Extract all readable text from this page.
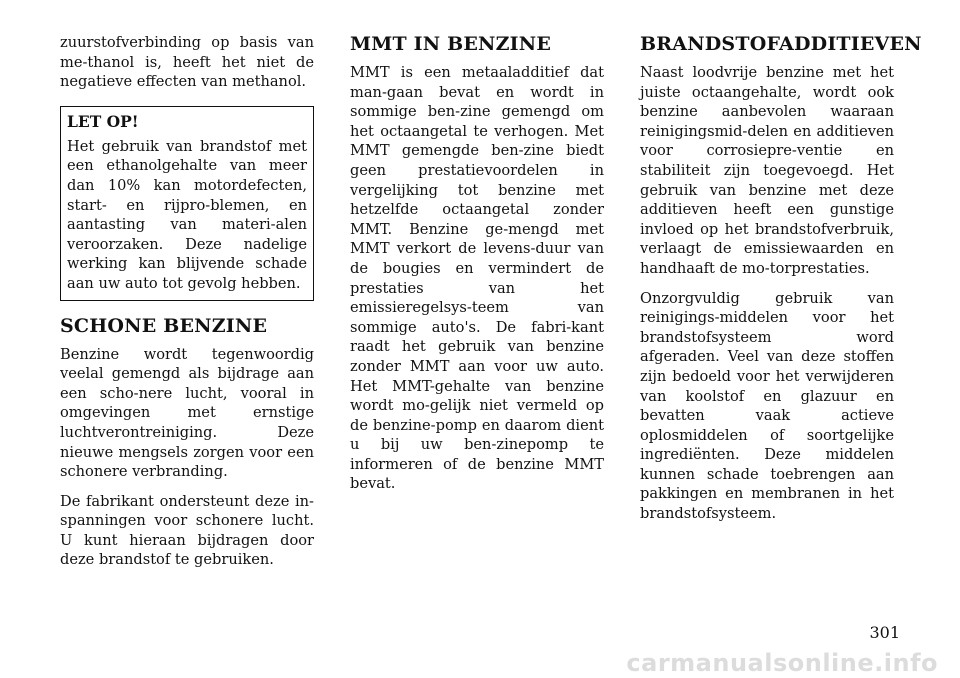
zuurstofverbinding op basis van me-thanol is, heeft het niet de negatieve effecten van methanol.

LET OP!

Het gebruik van brandstof met een ethanolgehalte van meer dan 10% kan motordefecten, start- en rijpro-blemen, en aantasting van materi-alen veroorzaken. Deze nadelige werking kan blijvende schade aan uw auto tot gevolg hebben.

SCHONE BENZINE

Benzine wordt tegenwoordig veelal gemengd als bijdrage aan een scho-nere lucht, vooral in omgevingen met ernstige luchtverontreiniging. Deze nieuwe mengsels zorgen voor een schonere verbranding.

De fabrikant ondersteunt deze in-spanningen voor schonere lucht. U kunt hieraan bijdragen door deze brandstof te gebruiken.

MMT IN BENZINE

MMT is een metaaladditief dat man-gaan bevat en wordt in sommige ben-zine gemengd om het octaangetal te verhogen. Met MMT gemengde ben-zine biedt geen prestatievoordelen in vergelijking tot benzine met hetzelfde octaangetal zonder MMT. Benzine ge-mengd met MMT verkort de levens-duur van de bougies en vermindert de prestaties van het emissieregelsys-teem van sommige auto's. De fabri-kant raadt het gebruik van benzine zonder MMT aan voor uw auto. Het MMT-gehalte van benzine wordt mo-gelijk niet vermeld op de benzine-pomp en daarom dient u bij uw ben-zinepomp te informeren of de benzine MMT bevat.

BRANDSTOFADDITIEVEN

Naast loodvrije benzine met het juiste octaangehalte, wordt ook benzine aanbevolen waaraan reinigingsmid-delen en additieven voor corrosiepre-ventie en stabiliteit zijn toegevoegd. Het gebruik van benzine met deze additieven heeft een gunstige invloed op het brandstofverbruik, verlaagt de emissiewaarden en handhaaft de mo-torprestaties.

Onzorgvuldig gebruik van reinigings-middelen voor het brandstofsysteem word afgeraden. Veel van deze stoffen zijn bedoeld voor het verwijderen van koolstof en glazuur en bevatten vaak actieve oplosmiddelen of soortgelijke ingrediënten. Deze middelen kunnen schade toebrengen aan pakkingen en membranen in het brandstofsysteem.

301
carmanualsonline.info
